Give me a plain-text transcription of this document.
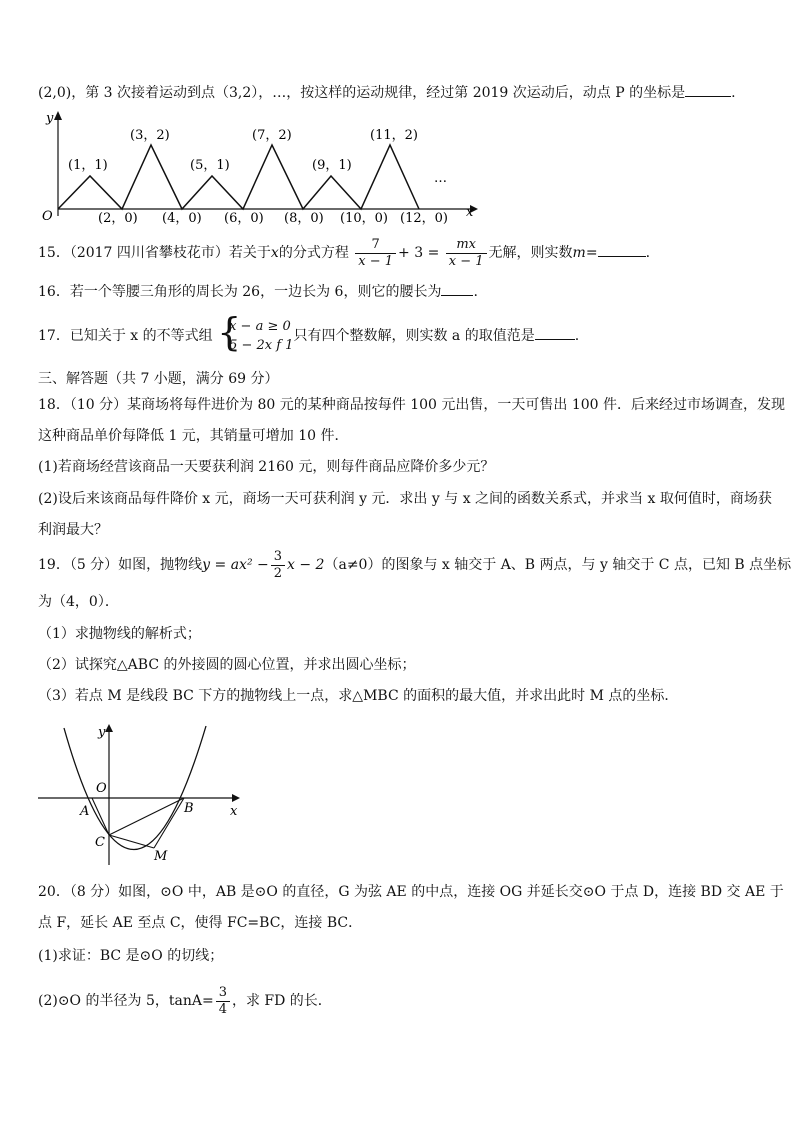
(2,0)，第 3 次接着运动到点（3,2），…，按这样的运动规律，经过第 2019 次运动后，动点 P 的坐标是	.
y
x
O
(1，1)
(3，2)
(5，1)
(7，2)
(9，1)
(11，2)
(2，0) (4，0) (6，0) (8，0) (10，0) (12，0)
…
15．（2017 四川省攀枝花市）若关于x的分式方程 $\frac{7}{x - 1} + 3 = \frac{mx}{x - 1}$ 无解，则实数m=	.
16．若一个等腰三角形的周长为 26，一边长为 6，则它的腰长为 .
17．已知关于 x 的不等式组 {
x − a ≥ 0
5 − 2x f 1
只有四个整数解，则实数 a 的取值范是	.
三、解答题（共 7 小题，满分 69 分）
18．（10 分）某商场将每件进价为 80 元的某种商品按每件 100 元出售，一天可售出 100 件．后来经过市场调查，发现
这种商品单价每降低 1 元，其销量可增加 10 件．
(1)若商场经营该商品一天要获利润 2160 元，则每件商品应降价多少元？
(2)设后来该商品每件降价 x 元，商场一天可获利润 y 元．求出 y 与 x 之间的函数关系式，并求当 x 取何值时，商场获
利润最大？
19．（5 分）如图，抛物线$y = ax^2 - \frac{3}{2}$ x − 2（a≠0）的图象与 x 轴交于 A、B 两点，与 y 轴交于 C 点，已知 B 点坐标
为（4，0）．
（1）求抛物线的解析式；
（2）试探究△ABC 的外接圆的圆心位置，并求出圆心坐标；
（3）若点 M 是线段 BC 下方的抛物线上一点，求△MBC 的面积的最大值，并求出此时 M 点的坐标．
y
x
O
A	B
C
M
20．（8 分）如图，⊙O 中，AB 是⊙O 的直径，G 为弦 AE 的中点，连接 OG 并延长交⊙O 于点 D，连接 BD 交 AE 于
点 F，延长 AE 至点 C，使得 FC=BC，连接 BC．
(1)求证：BC 是⊙O 的切线；
(2)⊙O 的半径为 5，$\tan A= \frac{3}{4}$ ，求 FD 的长．
